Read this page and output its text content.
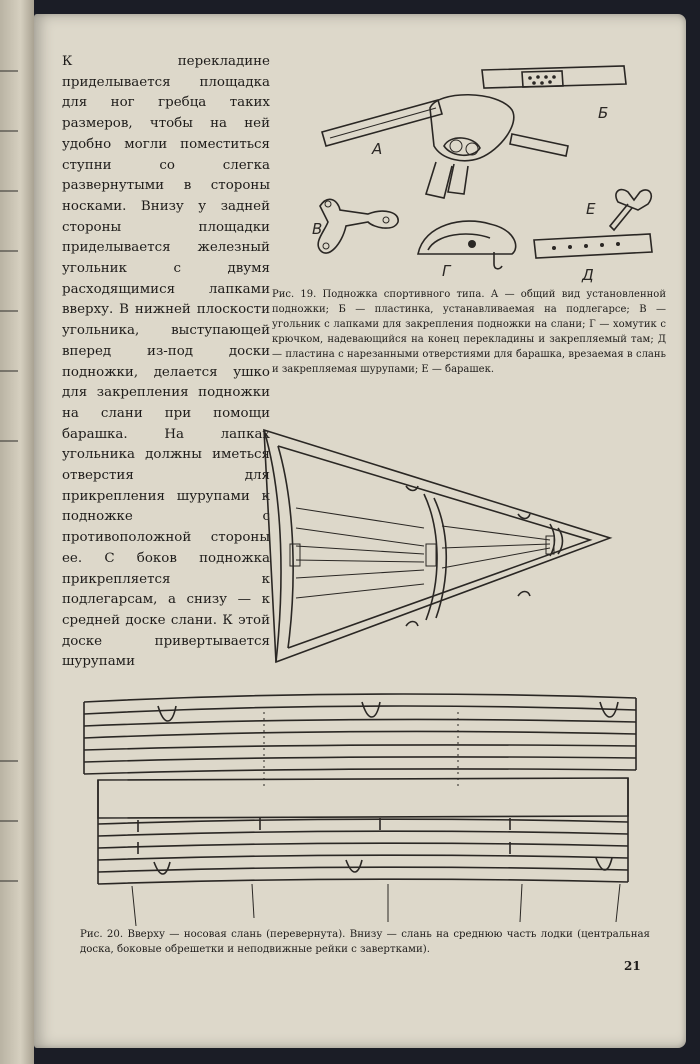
К перекладине приделывается площадка для ног гребца таких размеров, чтобы на ней удобно могли поместиться ступни со слегка развернутыми в стороны носками. Внизу у задней стороны площадки приделывается железный угольник с двумя расходящимися лапками вверху. В нижней плоскости угольника, выступающей вперед из-под доски подножки, делается ушко для закрепления подножки на слани при помощи барашка. На лапках угольника должны иметься отверстия для прикрепления шурупами к подножке с противоположной стороны ее. С боков подножка прикрепляется к подлегарсам, а снизу — к средней доске слани. К этой доске привертывается шурупами

Б
А
В
Г
Е
Д

Рис. 19. Подножка спортивного типа. А — общий вид установленной подножки; Б — пластинка, устанавливаемая на подлегарсе; В — угольник с лапками для закрепления подножки на слани; Г — хомутик с крючком, надевающийся на конец перекладины и закрепляемый там; Д — пластина с нарезанными отверстиями для барашка, врезаемая в слань и закрепляемая шурупами; Е — барашек.

Рис. 20. Вверху — носовая слань (перевернута). Внизу — слань на среднюю часть лодки (центральная доска, боковые обрешетки и неподвижные рейки с завертками).

21
